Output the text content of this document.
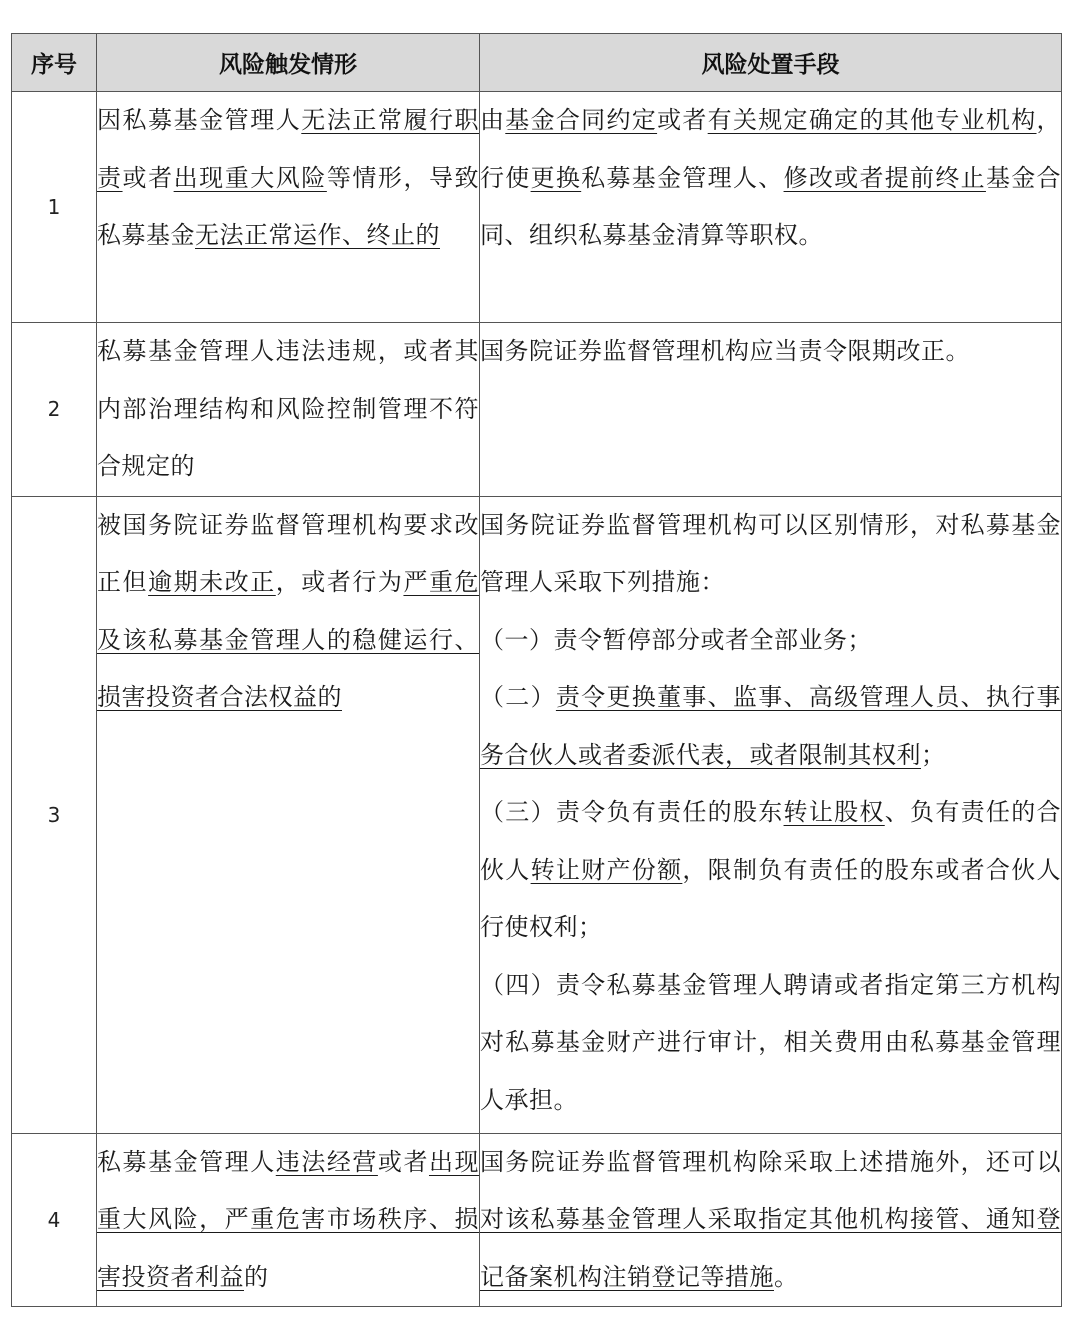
序号	风险触发情形	风险处置手段
1	因私募基金管理人无法正常履行职责或者出现重大风险等情形，导致私募基金无法正常运作、终止的	由基金合同约定或者有关规定确定的其他专业机构，行使更换私募基金管理人、修改或者提前终止基金合同、组织私募基金清算等职权。

2	私募基金管理人违法违规，或者其内部治理结构和风险控制管理不符合规定的	国务院证券监督管理机构应当责令限期改正。

3	被国务院证券监督管理机构要求改正但逾期未改正，或者行为严重危及该私募基金管理人的稳健运行、损害投资者合法权益的	国务院证券监督管理机构可以区别情形，对私募基金管理人采取下列措施：

（一）责令暂停部分或者全部业务；

（二）责令更换董事、监事、高级管理人员、执行事务合伙人或者委派代表，或者限制其权利；

（三）责令负有责任的股东转让股权、负有责任的合伙人转让财产份额，限制负有责任的股东或者合伙人行使权利；

（四）责令私募基金管理人聘请或者指定第三方机构对私募基金财产进行审计，相关费用由私募基金管理人承担。

4	私募基金管理人违法经营或者出现重大风险，严重危害市场秩序、损害投资者利益的	国务院证券监督管理机构除采取上述措施外，还可以对该私募基金管理人采取指定其他机构接管、通知登记备案机构注销登记等措施。
